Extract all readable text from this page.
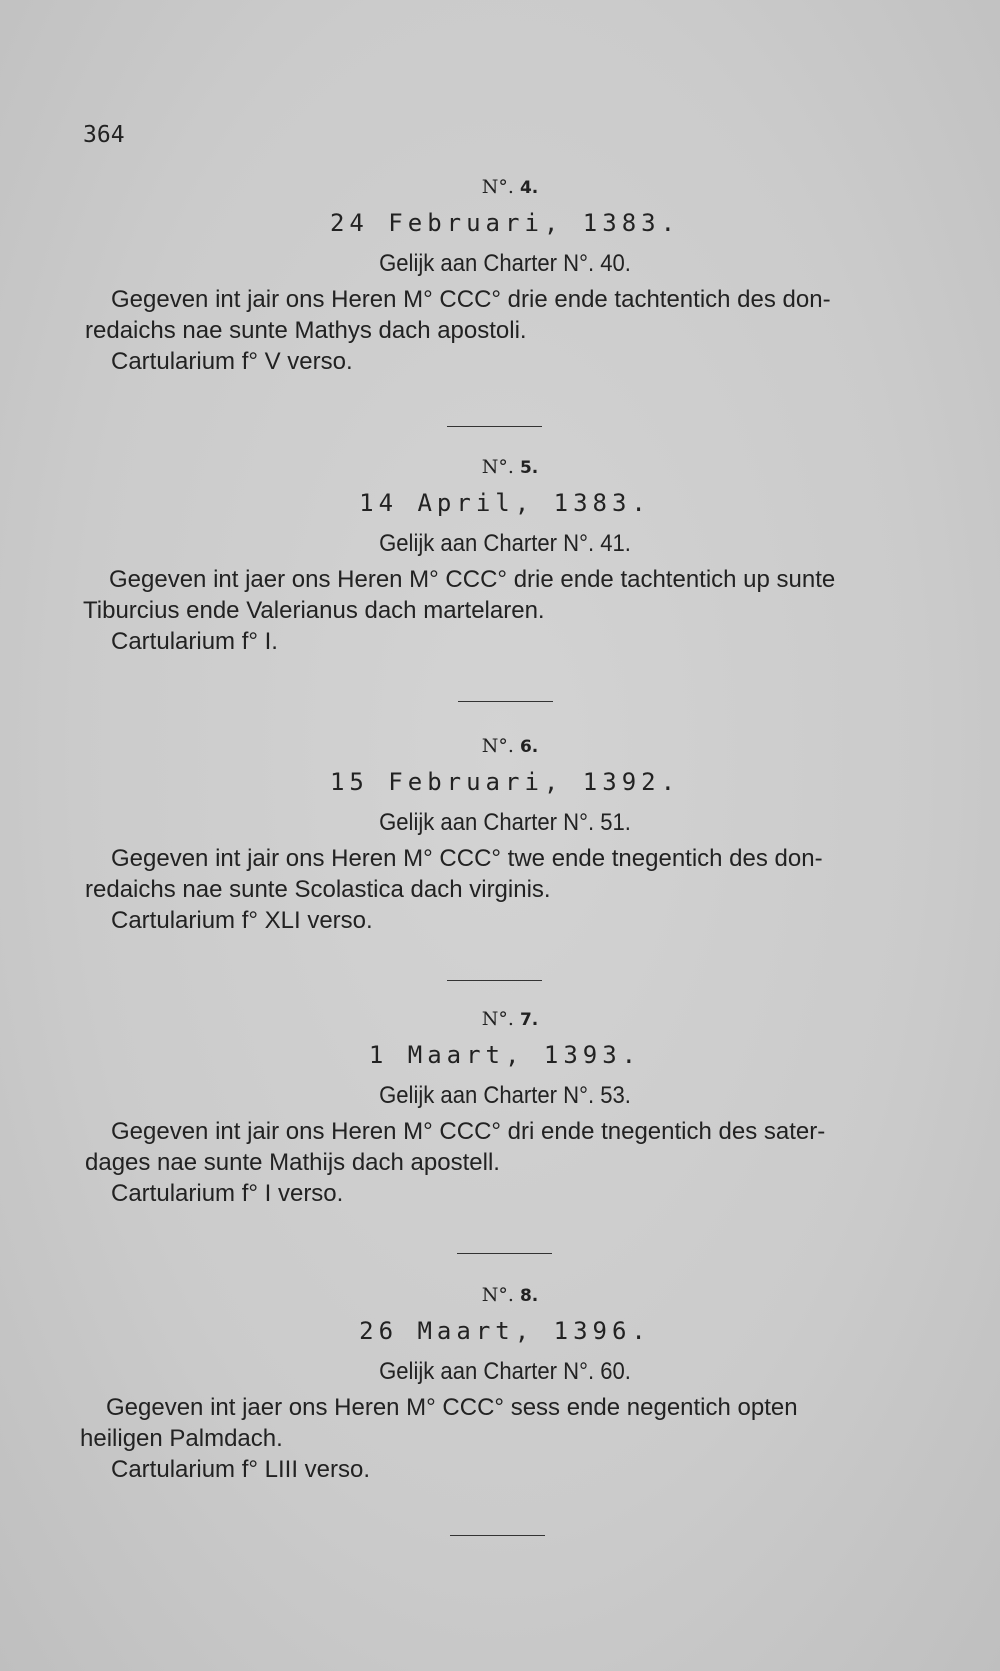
364
N°. 4.
24 Februari, 1383.
Gelijk aan Charter N°. 40.
Gegeven int jair ons Heren M° CCC° drie ende tachtentich des don-
redaichs nae sunte Mathys dach apostoli.
Cartularium f° V verso.
N°. 5.
14 April, 1383.
Gelijk aan Charter N°. 41.
Gegeven int jaer ons Heren M° CCC° drie ende tachtentich up sunte
Tiburcius ende Valerianus dach martelaren.
Cartularium f° I.
N°. 6.
15 Februari, 1392.
Gelijk aan Charter N°. 51.
Gegeven int jair ons Heren M° CCC° twe ende tnegentich des don-
redaichs nae sunte Scolastica dach virginis.
Cartularium f° XLI verso.
N°. 7.
1 Maart, 1393.
Gelijk aan Charter N°. 53.
Gegeven int jair ons Heren M° CCC° dri ende tnegentich des sater-
dages nae sunte Mathijs dach apostell.
Cartularium f° I verso.
N°. 8.
26 Maart, 1396.
Gelijk aan Charter N°. 60.
Gegeven int jaer ons Heren M° CCC° sess ende negentich opten
heiligen Palmdach.
Cartularium f° LIII verso.
